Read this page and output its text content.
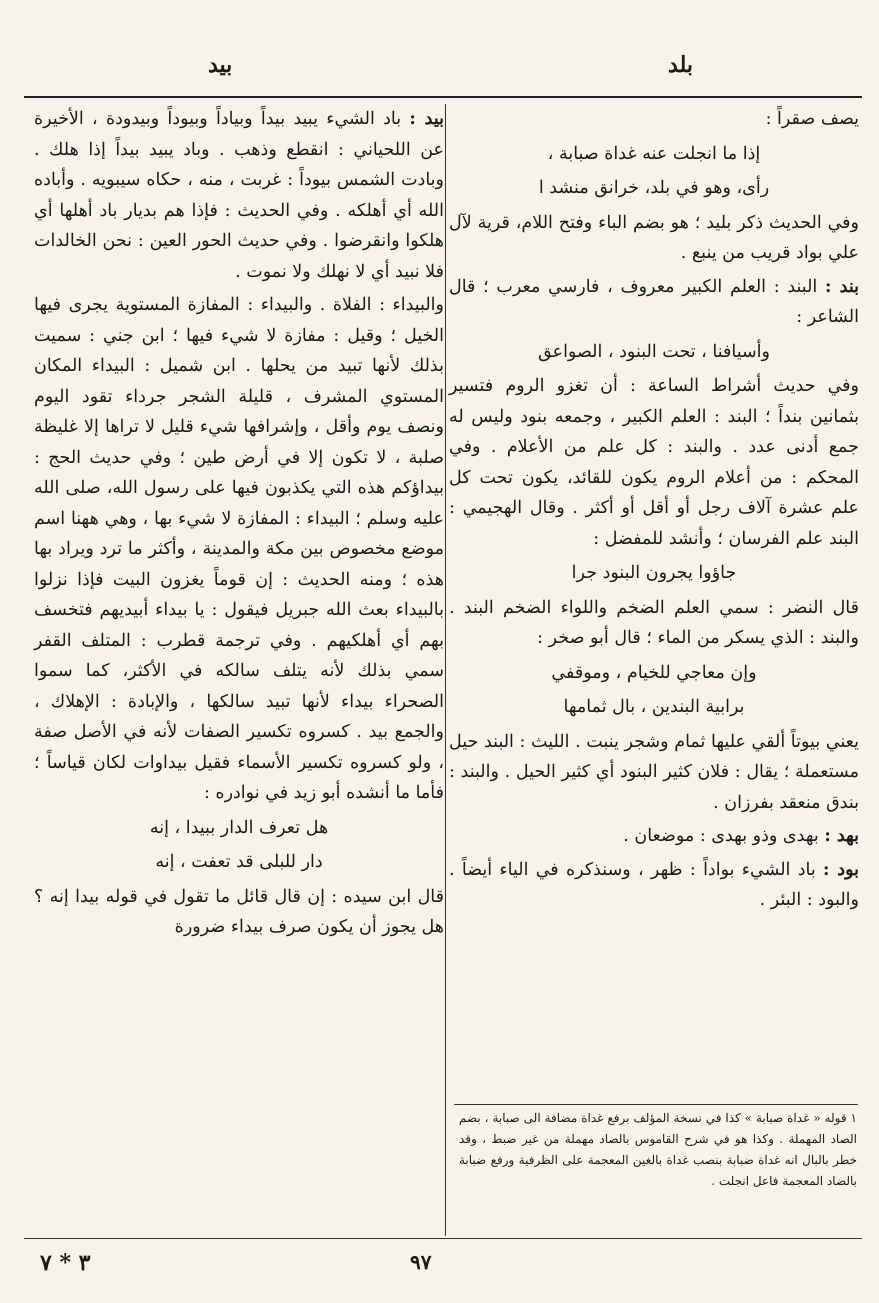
بلد
بيد
يصف صقراً :
إذا ما انجلت عنه غداة صبابة ،
رأى، وهو في بلد، خرانق منشد ا
وفي الحديث ذكر بليد ؛ هو بضم الباء وفتح اللام، قرية لآل علي بواد قريب من ينبع .
بند : البند : العلم الكبير معروف ، فارسي معرب ؛ قال الشاعر :
وأسيافنا ، تحت البنود ، الصواعق
وفي حديث أشراط الساعة : أن تغزو الروم فتسير بثمانين بنداً ؛ البند : العلم الكبير ، وجمعه بنود وليس له جمع أدنى عدد . والبند : كل علم من الأعلام . وفي المحكم : من أعلام الروم يكون للقائد، يكون تحت كل علم عشرة آلاف رجل أو أقل أو أكثر . وقال الهجيمي : البند علم الفرسان ؛ وأنشد للمفضل :
جاؤوا يجرون البنود جرا
قال النضر : سمي العلم الضخم واللواء الضخم البند . والبند : الذي يسكر من الماء ؛ قال أبو صخر :
وإن معاجي للخيام ، وموقفي
برابية البندين ، بال ثمامها
يعني بيوتاً ألقي عليها ثمام وشجر ينبت . الليث : البند حيل مستعملة ؛ يقال : فلان كثير البنود أي كثير الحيل . والبند : بندق منعقد بفرزان .
بهد : بهدى وذو بهدى : موضعان .
بود : باد الشيء بواداً : ظهر ، وسنذكره في الياء أيضاً . والبود : البئر .
بيد : باد الشيء يبيد بيداً وبياداً وبيوداً وبيدودة ، الأخيرة عن اللحياني : انقطع وذهب . وباد يبيد بيداً إذا هلك . وبادت الشمس بيوداً : غربت ، منه ، حكاه سيبويه . وأباده الله أي أهلكه . وفي الحديث : فإذا هم بديار باد أهلها أي هلكوا وانقرضوا . وفي حديث الحور العين : نحن الخالدات فلا نبيد أي لا نهلك ولا نموت .
والبيداء : الفلاة . والبيداء : المفازة المستوية يجرى فيها الخيل ؛ وقيل : مفازة لا شيء فيها ؛ ابن جني : سميت بذلك لأنها تبيد من يحلها . ابن شميل : البيداء المكان المستوي المشرف ، قليلة الشجر جرداء تقود اليوم ونصف يوم وأقل ، وإشرافها شيء قليل لا تراها إلا غليظة صلبة ، لا تكون إلا في أرض طين ؛ وفي حديث الحج : بيداؤكم هذه التي يكذبون فيها على رسول الله، صلى الله عليه وسلم ؛ البيداء : المفازة لا شيء بها ، وهي ههنا اسم موضع مخصوص بين مكة والمدينة ، وأكثر ما ترد ويراد بها هذه ؛ ومنه الحديث : إن قوماً يغزون البيت فإذا نزلوا بالبيداء بعث الله جبريل فيقول : يا بيداء أبيديهم فتخسف بهم أي أهلكيهم . وفي ترجمة قطرب : المتلف القفر سمي بذلك لأنه يتلف سالكه في الأكثر، كما سموا الصحراء بيداء لأنها تبيد سالكها ، والإبادة : الإهلاك ، والجمع بيد . كسروه تكسير الصفات لأنه في الأصل صفة ، ولو كسروه تكسير الأسماء فقيل بيداوات لكان قياساً ؛ فأما ما أنشده أبو زيد في نوادره :
هل تعرف الدار ببيدا ، إنه
دار للبلى قد تعفت ، إنه
قال ابن سيده : إن قال قائل ما تقول في قوله بيدا إنه ؟ هل يجوز أن يكون صرف بيداء ضرورة
١ قوله « غداة صبابة » كذا في نسخة المؤلف برفع غداة مضافة الى صبابة ، بضم الصاد المهملة . وكذا هو في شرح القاموس بالصاد مهملة من غير ضبط ، وقد خطر بالبال انه غداة ضبابة بنصب غداة بالغين المعجمة على الظرفية ورفع ضبابة بالضاد المعجمة فاعل انجلت .
٩٧
٣ * ٧
